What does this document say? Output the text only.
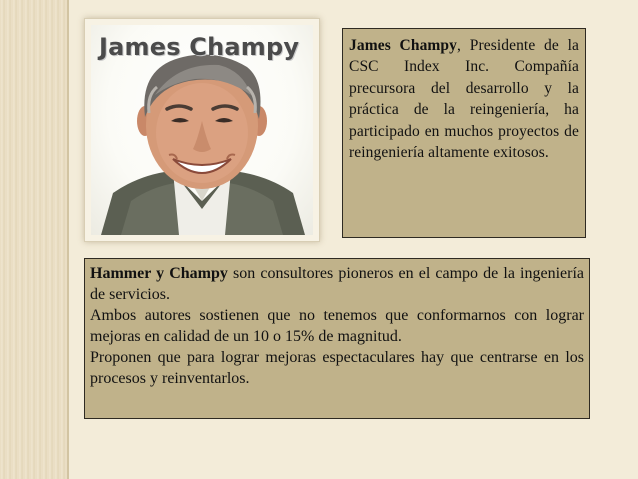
James Champy	James Champy, Presidente de la CSC Index Inc. Compañía precursora del desarrollo y la práctica de la reingeniería, ha participado en muchos proyectos de reingeniería altamente exitosos.

Hammer y Champy son consultores pioneros en el campo de la ingeniería de servicios.

Ambos autores sostienen que no tenemos que conformarnos con lograr mejoras en calidad de un 10 o 15% de magnitud.

Proponen que para lograr mejoras espectaculares hay que centrarse en los procesos y reinventarlos.
